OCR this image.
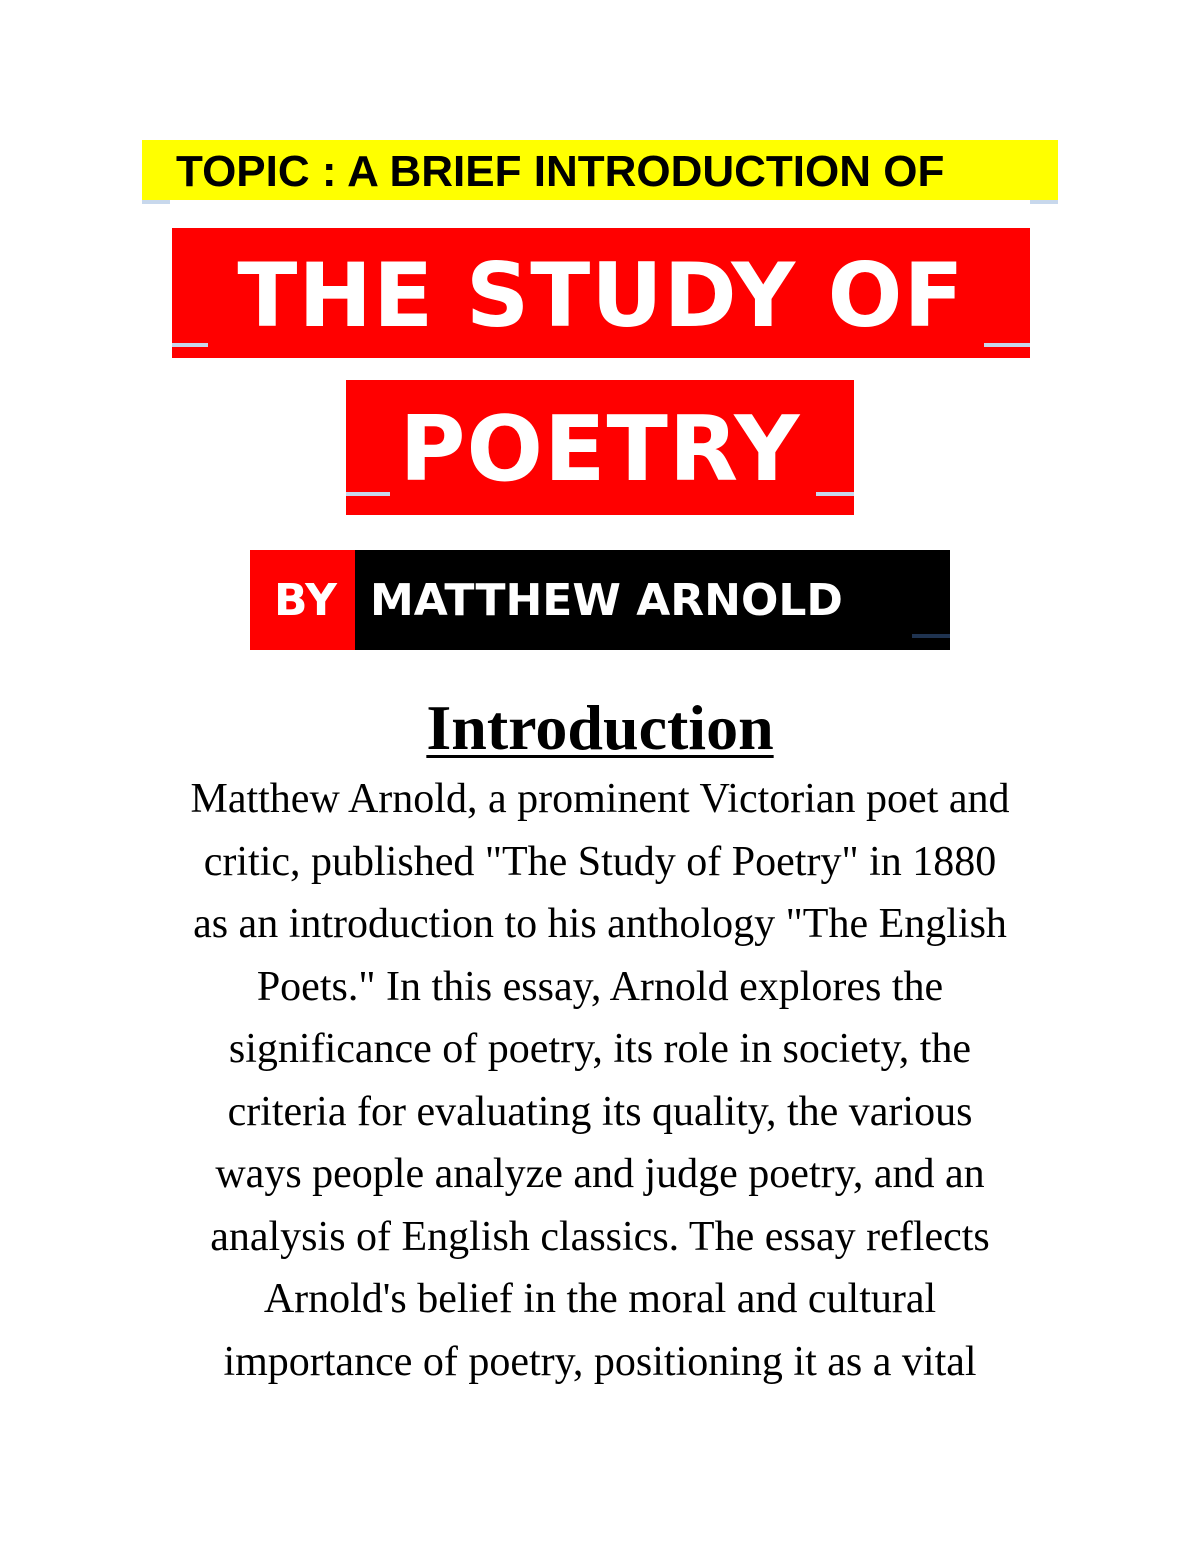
TOPIC : A BRIEF INTRODUCTION OF
THE STUDY OF
POETRY
BY MATTHEW ARNOLD
Introduction
Matthew Arnold, a prominent Victorian poet and
critic, published "The Study of Poetry" in 1880
as an introduction to his anthology "The English
Poets." In this essay, Arnold explores the
significance of poetry, its role in society, the
criteria for evaluating its quality, the various
ways people analyze and judge poetry, and an
analysis of English classics. The essay reflects
Arnold's belief in the moral and cultural
importance of poetry, positioning it as a vital
